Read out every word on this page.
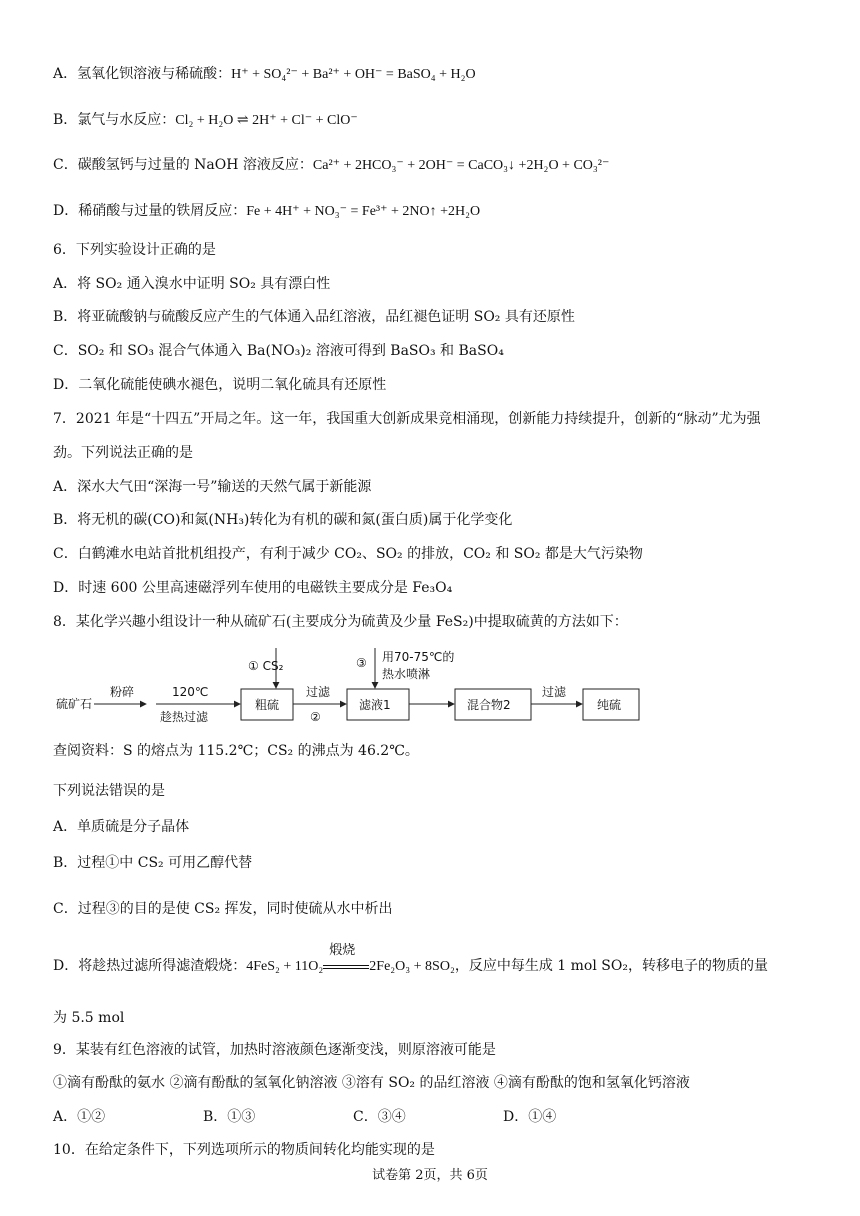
A．氢氧化钡溶液与稀硫酸：H⁺ + SO₄²⁻ + Ba²⁺ + OH⁻ = BaSO₄ + H₂O
B．氯气与水反应：Cl₂ + H₂O ⇌ 2H⁺ + Cl⁻ + ClO⁻
C．碳酸氢钙与过量的 NaOH 溶液反应：Ca²⁺ + 2HCO₃⁻ + 2OH⁻ = CaCO₃↓ +2H₂O + CO₃²⁻
D．稀硝酸与过量的铁屑反应：Fe + 4H⁺ + NO₃⁻ = Fe³⁺ + 2NO↑ +2H₂O
6．下列实验设计正确的是
A．将 SO₂ 通入溴水中证明 SO₂ 具有漂白性
B．将亚硫酸钠与硫酸反应产生的气体通入品红溶液，品红褪色证明 SO₂ 具有还原性
C．SO₂ 和 SO₃ 混合气体通入 Ba(NO₃)₂ 溶液可得到 BaSO₃ 和 BaSO₄
D．二氧化硫能使碘水褪色，说明二氧化硫具有还原性
7．2021 年是“十四五”开局之年。这一年，我国重大创新成果竞相涌现，创新能力持续提升，创新的“脉动”尤为强
劲。下列说法正确的是
A．深水大气田“深海一号”输送的天然气属于新能源
B．将无机的碳(CO)和氮(NH₃)转化为有机的碳和氮(蛋白质)属于化学变化
C．白鹤滩水电站首批机组投产，有利于减少 CO₂、SO₂ 的排放，CO₂ 和 SO₂ 都是大气污染物
D．时速 600 公里高速磁浮列车使用的电磁铁主要成分是 Fe₃O₄
8．某化学兴趣小组设计一种从硫矿石(主要成分为硫黄及少量 FeS₂)中提取硫黄的方法如下：
硫矿石
粉碎	120℃
趁热过滤
粗硫
① CS₂
过滤
②
滤液1
③ 用70-75℃的
热水喷淋
混合物2
过滤
纯硫
查阅资料：S 的熔点为 115.2℃；CS₂ 的沸点为 46.2℃。
下列说法错误的是
A．单质硫是分子晶体
B．过程①中 CS₂ 可用乙醇代替
C．过程③的目的是使 CS₂ 挥发，同时使硫从水中析出
D．将趁热过滤所得滤渣煅烧：4FeS₂ + 11O₂
煅烧
2Fe₂O₃ + 8SO₂，反应中每生成 1 mol SO₂，转移电子的物质的量
为 5.5 mol
9．某装有红色溶液的试管，加热时溶液颜色逐渐变浅，则原溶液可能是
①滴有酚酞的氨水 ②滴有酚酞的氢氧化钠溶液 ③溶有 SO₂ 的品红溶液 ④滴有酚酞的饱和氢氧化钙溶液
A．①②	B．①③	C．③④	D．①④
10．在给定条件下，下列选项所示的物质间转化均能实现的是
试卷第 2页，共 6页
